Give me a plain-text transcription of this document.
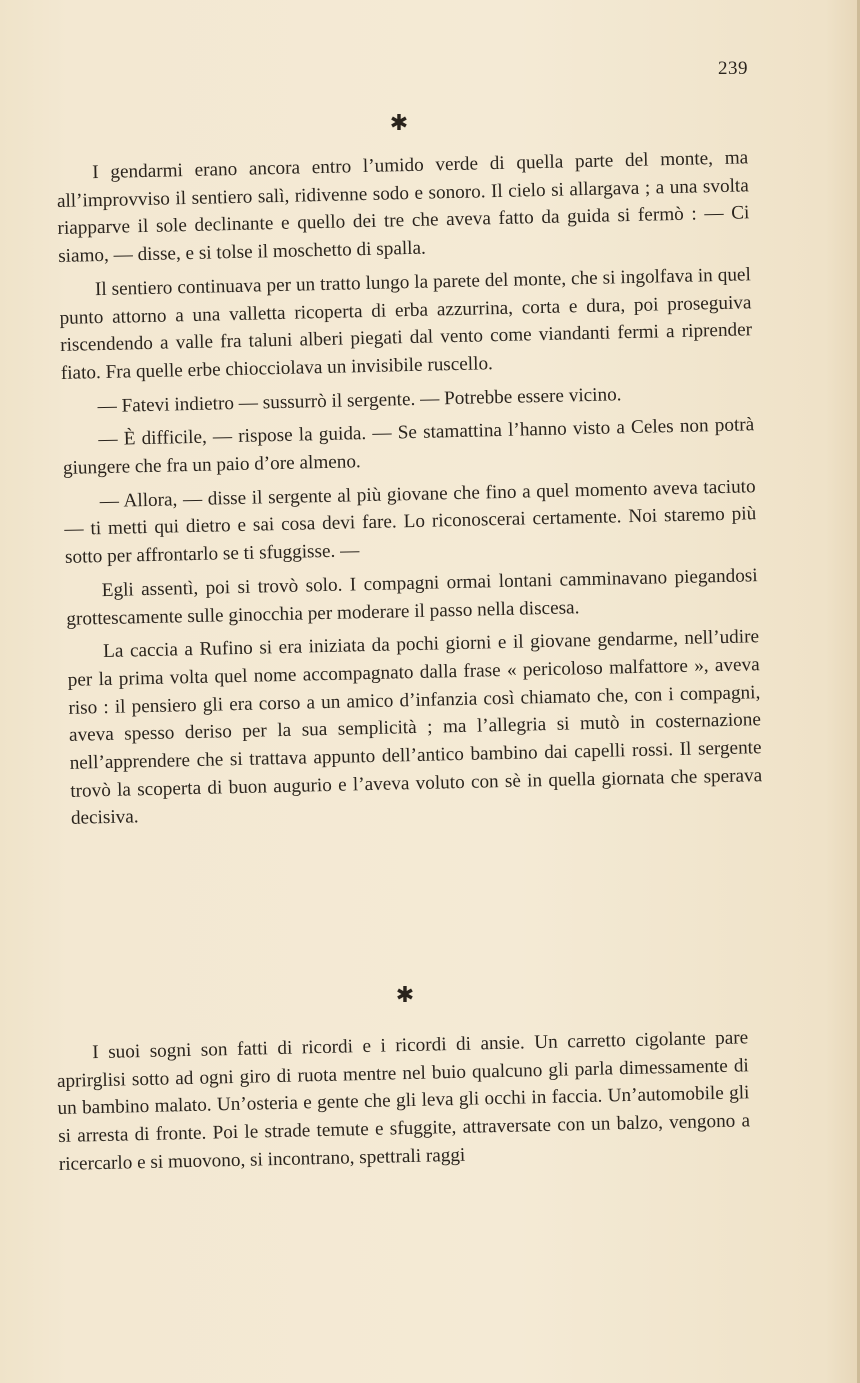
239
✱

I gendarmi erano ancora entro l’umido verde di quella parte del monte, ma all’improvviso il sentiero salì, ridivenne sodo e sonoro. Il cielo si allargava ; a una svolta riapparve il sole declinante e quello dei tre che aveva fatto da guida si fermò : — Ci siamo, — disse, e si tolse il moschetto di spalla.

Il sentiero continuava per un tratto lungo la parete del monte, che si ingolfava in quel punto attorno a una valletta ricoperta di erba azzurrina, corta e dura, poi proseguiva riscendendo a valle fra taluni alberi piegati dal vento come viandanti fermi a riprender fiato. Fra quelle erbe chiocciolava un invisibile ruscello.

— Fatevi indietro — sussurrò il sergente. — Potrebbe essere vicino.

— È difficile, — rispose la guida. — Se stamattina l’hanno visto a Celes non potrà giungere che fra un paio d’ore almeno.

— Allora, — disse il sergente al più giovane che fino a quel momento aveva taciuto — ti metti qui dietro e sai cosa devi fare. Lo riconoscerai certamente. Noi staremo più sotto per affrontarlo se ti sfuggisse. —

Egli assentì, poi si trovò solo. I compagni ormai lontani camminavano piegandosi grottescamente sulle ginocchia per moderare il passo nella discesa.

La caccia a Rufino si era iniziata da pochi giorni e il giovane gendarme, nell’udire per la prima volta quel nome accompagnato dalla frase « pericoloso malfattore », aveva riso : il pensiero gli era corso a un amico d’infanzia così chiamato che, con i compagni, aveva spesso deriso per la sua semplicità ; ma l’allegria si mutò in costernazione nell’apprendere che si trattava appunto dell’antico bambino dai capelli rossi. Il sergente trovò la scoperta di buon augurio e l’aveva voluto con sè in quella giornata che sperava decisiva.

✱

I suoi sogni son fatti di ricordi e i ricordi di ansie. Un carretto cigolante pare aprirglisi sotto ad ogni giro di ruota mentre nel buio qualcuno gli parla dimessamente di un bambino malato. Un’osteria e gente che gli leva gli occhi in faccia. Un’automobile gli si arresta di fronte. Poi le strade temute e sfuggite, attraversate con un balzo, vengono a ricercarlo e si muovono, si incontrano, spettrali raggi
